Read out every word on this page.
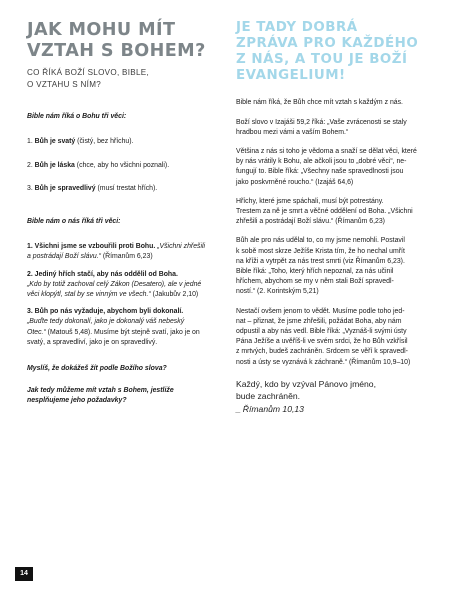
JAK MOHU MÍT
VZTAH S BOHEM?
CO ŘÍKÁ BOŽÍ SLOVO, BIBLE,
O VZTAHU S NÍM?
Bible nám říká o Bohu tři věci:
1. Bůh je svatý (čistý, bez hříchu).
2. Bůh je láska (chce, aby ho všichni poznali).
3. Bůh je spravedlivý (musí trestat hřích).
Bible nám o nás říká tři věci:
1. Všichni jsme se vzbouřili proti Bohu. „Všichni zhřešili
a postrádají Boží slávu.“ (Římanům 6,23)
2. Jediný hřích stačí, aby nás oddělil od Boha.
„Kdo by totiž zachoval celý Zákon (Desatero), ale v jedné
věci klopýtl, stal by se vinným ve všech.“ (Jakubův 2,10)
3. Bůh po nás vyžaduje, abychom byli dokonalí.
„Buďte tedy dokonalí, jako je dokonalý váš nebeský
Otec.“ (Matouš 5,48). Musíme být stejně svatí, jako je on
svatý, a spravedliví, jako je on spravedlivý.
Myslíš, že dokážeš žít podle Božího slova?
Jak tedy můžeme mít vztah s Bohem, jestliže
nesplňujeme jeho požadavky?
JE TADY DOBRÁ
ZPRÁVA PRO KAŽDÉHO
Z NÁS, A TOU JE BOŽÍ
EVANGELIUM!
Bible nám říká, že Bůh chce mít vztah s každým z nás.
Boží slovo v Izajáši 59,2 říká: „Vaše zvrácenosti se staly
hradbou mezi vámi a vaším Bohem.“
Většina z nás si toho je vědoma a snaží se dělat věci, které
by nás vrátily k Bohu, ale ačkoli jsou to „dobré věci“, ne-
fungují to. Bible říká: „Všechny naše spravedlnosti jsou
jako poskvrněné roucho.“ (Izajáš 64,6)
Hříchy, které jsme spáchali, musí být potrestány.
Trestem za ně je smrt a věčné oddělení od Boha. „Všichni
zhřešili a postrádají Boží slávu.“ (Římanům 6,23)
Bůh ale pro nás udělal to, co my jsme nemohli. Postavil
k sobě most skrze Ježíše Krista tím, že ho nechal umřít
na kříži a vytrpět za nás trest smrti (viz Římanům 6,23).
Bible říká: „Toho, který hřích nepoznal, za nás učinil
hříchem, abychom se my v něm stali Boží spravedl-
ností.“ (2. Korintským 5,21)
Nestačí ovšem jenom to vědět. Musíme podle toho jed-
nat – přiznat, že jsme zhřešili, požádat Boha, aby nám
odpustil a aby nás vedl. Bible říká: „Vyznáš-li svými ústy
Pána Ježíše a uvěříš-li ve svém srdci, že ho Bůh vzkřísil
z mrtvých, budeš zachráněn. Srdcem se věří k spravedl-
nosti a ústy se vyznává k záchraně.“ (Římanům 10,9–10)
Každý, kdo by vzýval Pánovo jméno,
bude zachráněn.
_ Římanům 10,13
14
